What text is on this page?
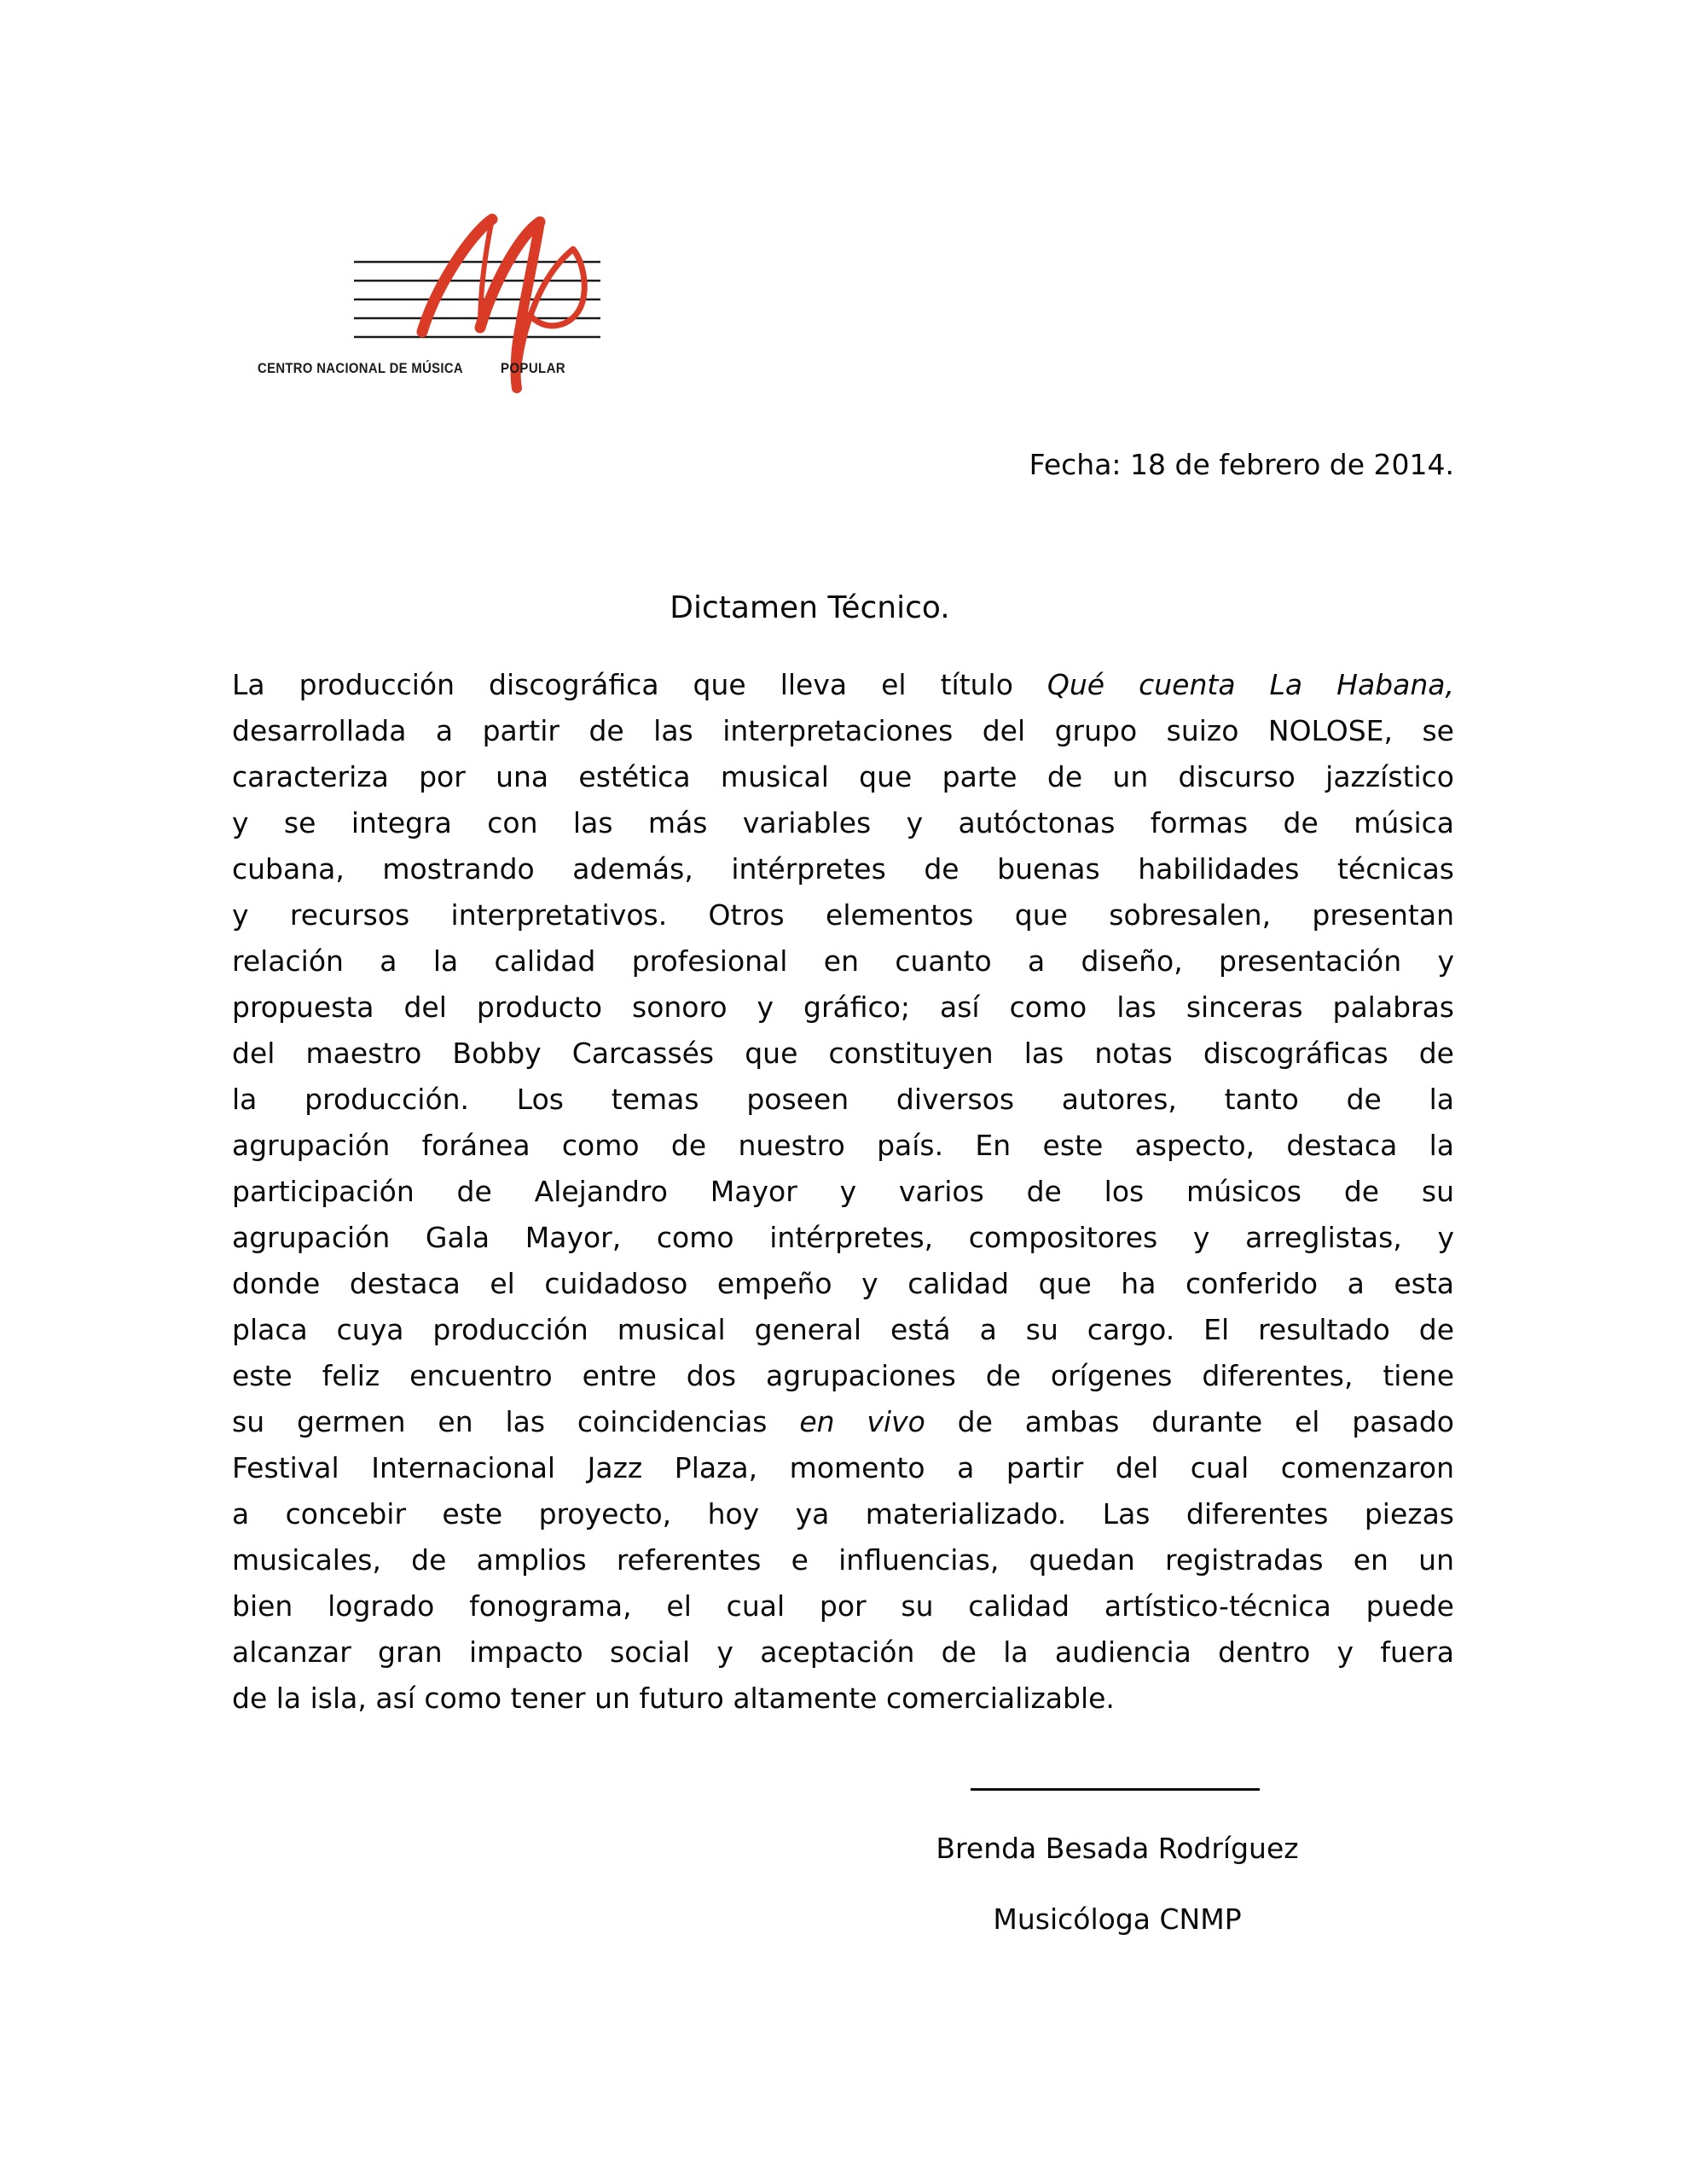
CENTRO NACIONAL DE MÚSICA	POPULAR
Fecha: 18 de febrero de 2014.
Dictamen Técnico.
La producción discográfica que lleva el título Qué cuenta La Habana,
desarrollada a partir de las interpretaciones del grupo suizo NOLOSE, se
caracteriza por una estética musical que parte de un discurso jazzístico
y se integra con las más variables y autóctonas formas de música
cubana, mostrando además, intérpretes de buenas habilidades técnicas
y recursos interpretativos. Otros elementos que sobresalen, presentan
relación a la calidad profesional en cuanto a diseño, presentación y
propuesta del producto sonoro y gráfico; así como las sinceras palabras
del maestro Bobby Carcassés que constituyen las notas discográficas de
la producción. Los temas poseen diversos autores, tanto de la
agrupación foránea como de nuestro país. En este aspecto, destaca la
participación de Alejandro Mayor y varios de los músicos de su
agrupación Gala Mayor, como intérpretes, compositores y arreglistas, y
donde destaca el cuidadoso empeño y calidad que ha conferido a esta
placa cuya producción musical general está a su cargo. El resultado de
este feliz encuentro entre dos agrupaciones de orígenes diferentes, tiene
su germen en las coincidencias en vivo de ambas durante el pasado
Festival Internacional Jazz Plaza, momento a partir del cual comenzaron
a concebir este proyecto, hoy ya materializado. Las diferentes piezas
musicales, de amplios referentes e influencias, quedan registradas en un
bien logrado fonograma, el cual por su calidad artístico-técnica puede
alcanzar gran impacto social y aceptación de la audiencia dentro y fuera
de la isla, así como tener un futuro altamente comercializable.
Brenda Besada Rodríguez
Musicóloga CNMP
